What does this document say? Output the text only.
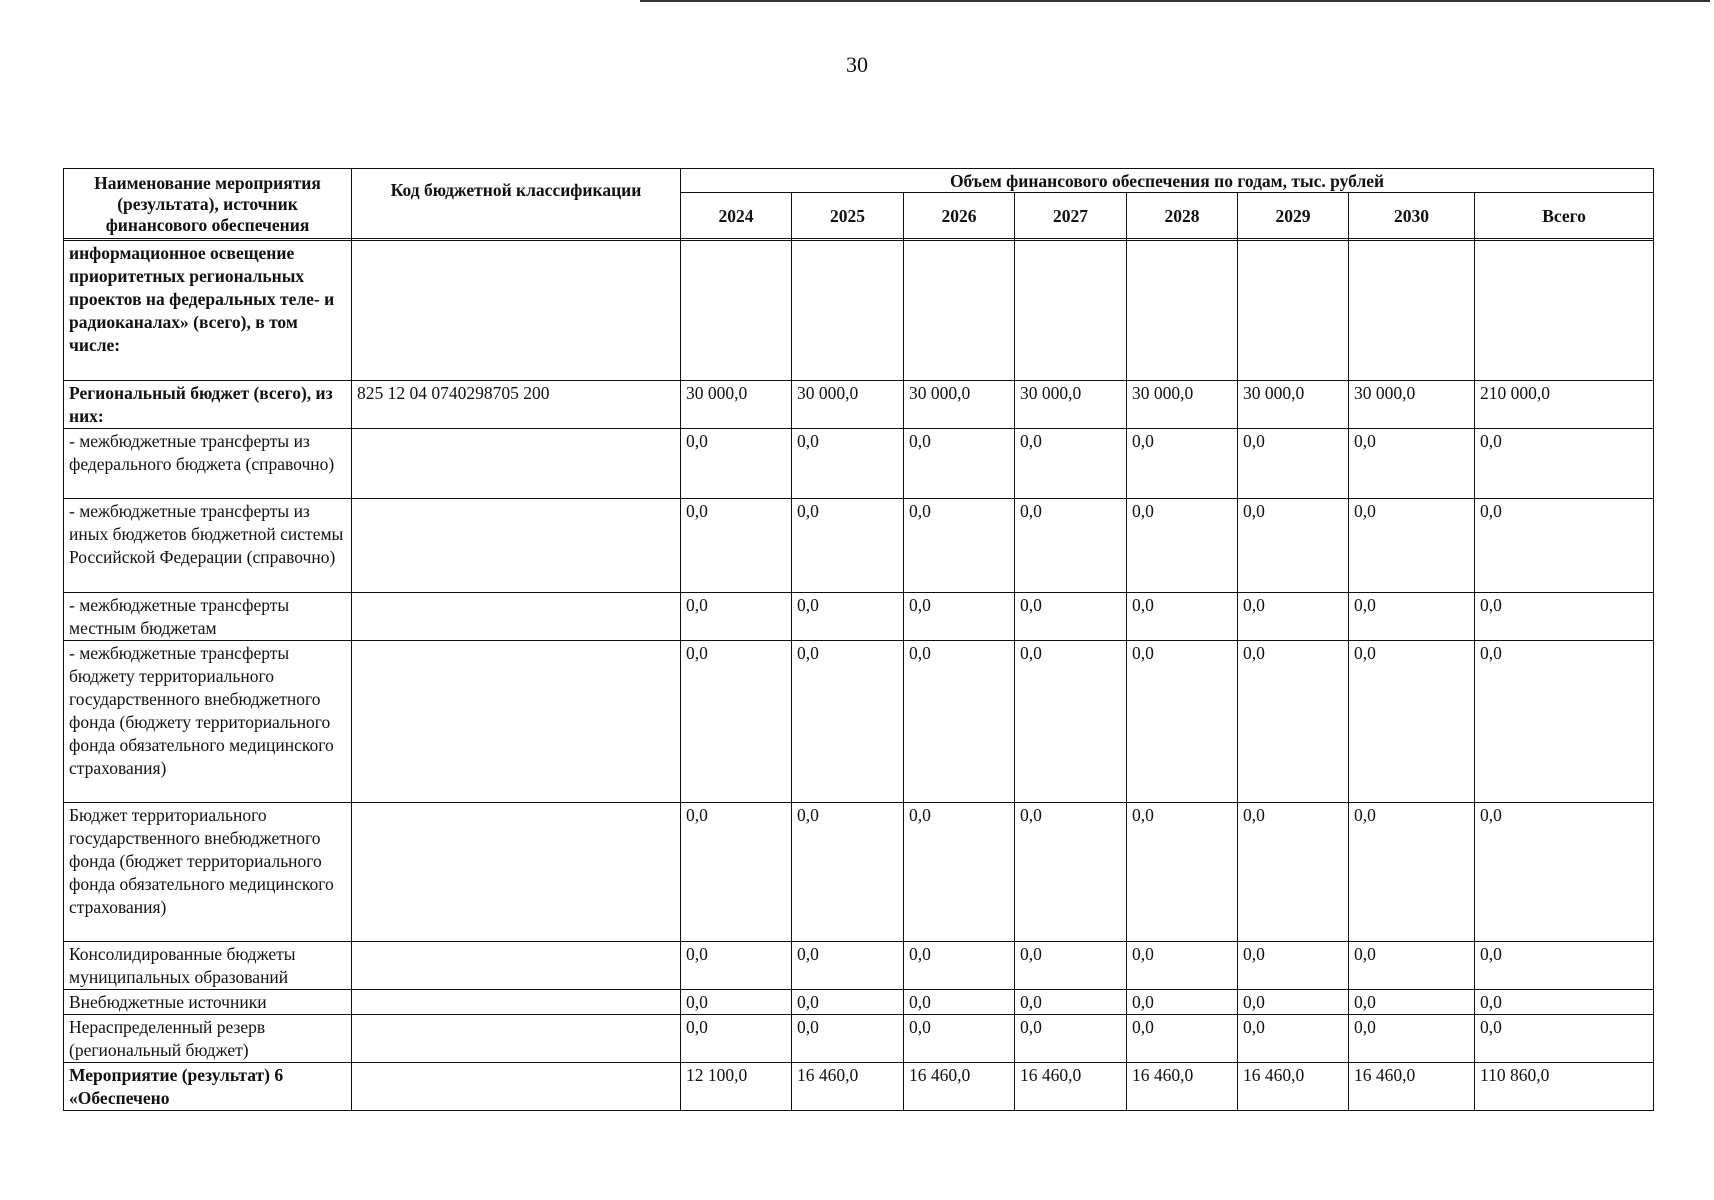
30
Наименование мероприятия (результата), источник финансового обеспечения	Код бюджетной классификации	Объем финансового обеспечения по годам, тыс. рублей							
		2024	2025	2026	2027	2028	2029	2030	Всего

информационное освещение приоритетных региональных проектов на федеральных теле- и радиоканалах» (всего), в том числе:									
Региональный бюджет (всего), из них:	825 12 04 0740298705 200	30 000,0	30 000,0	30 000,0	30 000,0	30 000,0	30 000,0	30 000,0	210 000,0
- межбюджетные трансферты из федерального бюджета (справочно)		0,0	0,0	0,0	0,0	0,0	0,0	0,0	0,0
- межбюджетные трансферты из иных бюджетов бюджетной системы Российской Федерации (справочно)		0,0	0,0	0,0	0,0	0,0	0,0	0,0	0,0
- межбюджетные трансферты местным бюджетам		0,0	0,0	0,0	0,0	0,0	0,0	0,0	0,0
- межбюджетные трансферты бюджету территориального государственного внебюджетного фонда (бюджету территориального фонда обязательного медицинского страхования)		0,0	0,0	0,0	0,0	0,0	0,0	0,0	0,0
Бюджет территориального государственного внебюджетного фонда (бюджет территориального фонда обязательного медицинского страхования)		0,0	0,0	0,0	0,0	0,0	0,0	0,0	0,0
Консолидированные бюджеты муниципальных образований		0,0	0,0	0,0	0,0	0,0	0,0	0,0	0,0
Внебюджетные источники		0,0	0,0	0,0	0,0	0,0	0,0	0,0	0,0
Нераспределенный резерв (региональный бюджет)		0,0	0,0	0,0	0,0	0,0	0,0	0,0	0,0
Мероприятие (результат) 6 «Обеспечено		12 100,0	16 460,0	16 460,0	16 460,0	16 460,0	16 460,0	16 460,0	110 860,0
